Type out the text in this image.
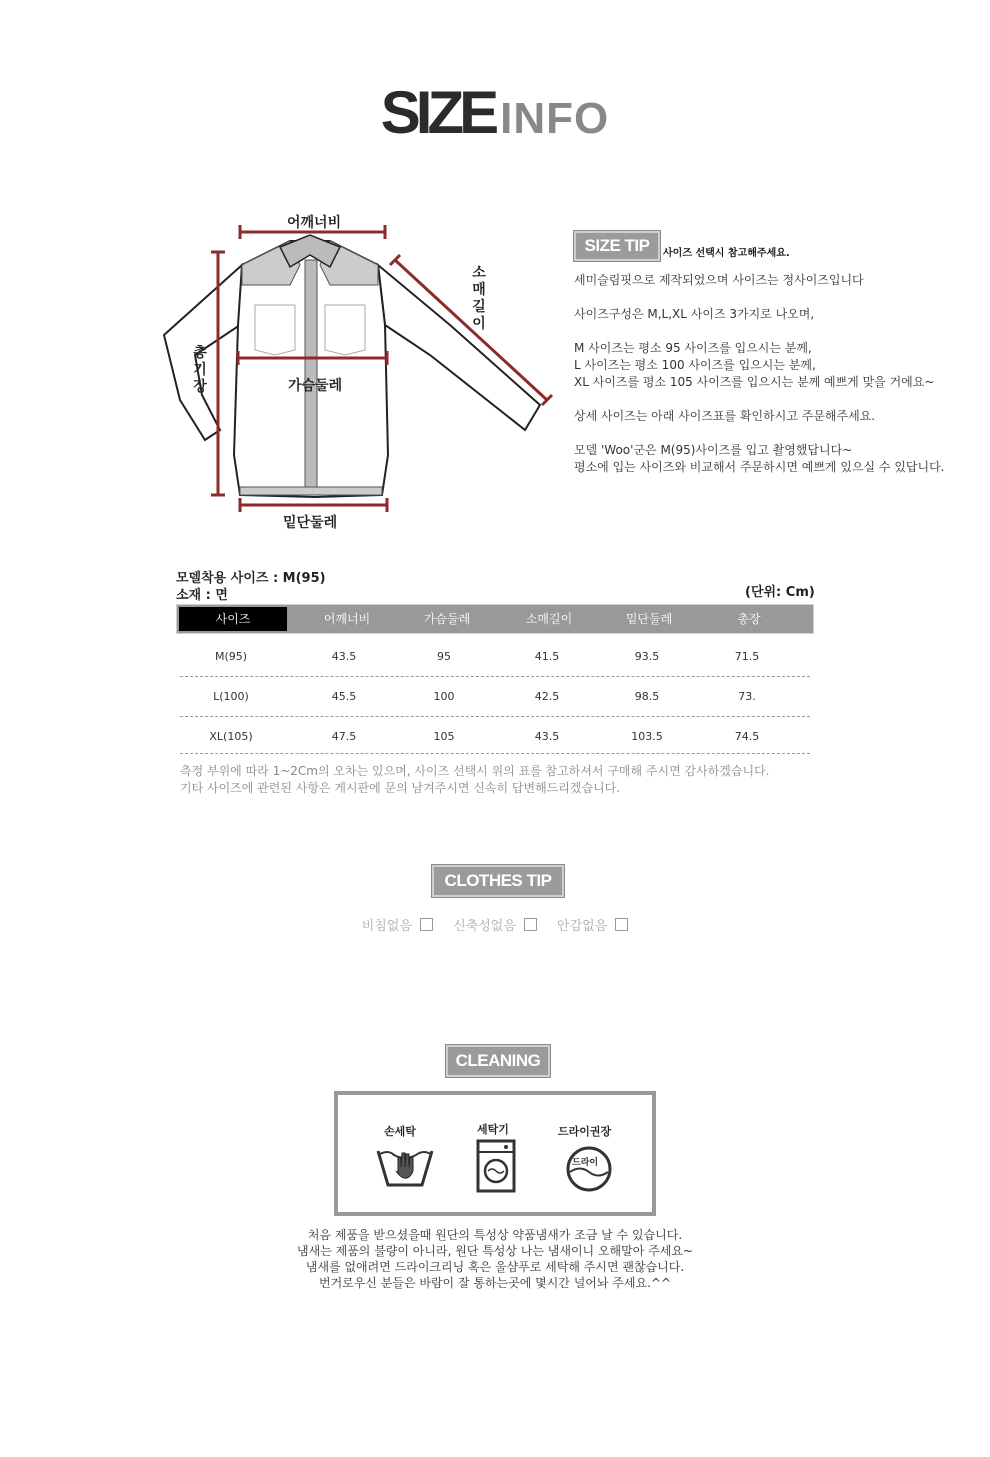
SIZE INFO
어깨너비
소
매
길
이
총
기
장	가슴둘레
밑단둘레
SIZE TIP	사이즈 선택시 참고해주세요.
세미슬림핏으로 제작되었으며 사이즈는 정사이즈입니다
사이즈구성은 M,L,XL 사이즈 3가지로 나오며,
M 사이즈는 평소 95 사이즈를 입으시는 분께,
L 사이즈는 평소 100 사이즈를 입으시는 분께,
XL 사이즈를 평소 105 사이즈를 입으시는 분께 예쁘게 맞을 거에요~
상세 사이즈는 아래 사이즈표를 확인하시고 주문해주세요.
모델 'Woo'군은 M(95)사이즈를 입고 촬영했답니다~
평소에 입는 사이즈와 비교해서 주문하시면 예쁘게 있으실 수 있답니다.
모델착용 사이즈 : M(95)
소재 : 면	(단위: Cm)
사이즈	어깨너비	가슴둘레	소매길이	밑단둘레	총장
M(95)	43.5	95	41.5	93.5	71.5
L(100)	45.5	100	42.5	98.5	73.
XL(105)	47.5	105	43.5	103.5	74.5
측정 부위에 따라 1~2Cm의 오차는 있으며, 사이즈 선택시 위의 표를 참고하셔서 구매해 주시면 감사하겠습니다.
기타 사이즈에 관련된 사항은 게시판에 문의 남겨주시면 신속히 답변해드리겠습니다.
CLOTHES TIP
비침없음	신축성없음	안감없음
CLEANING
손세탁	세탁기	드라이권장
드라이
처음 제품을 받으셨을때 원단의 특성상 약품냄새가 조금 날 수 있습니다.
냄새는 제품의 불량이 아니라, 원단 특성상 나는 냄새이니 오해말아 주세요~
냄새를 없애려면 드라이크리닝 혹은 울샴푸로 세탁해 주시면 괜찮습니다.
번거로우신 분들은 바람이 잘 통하는곳에 몇시간 널어놔 주세요.^^
